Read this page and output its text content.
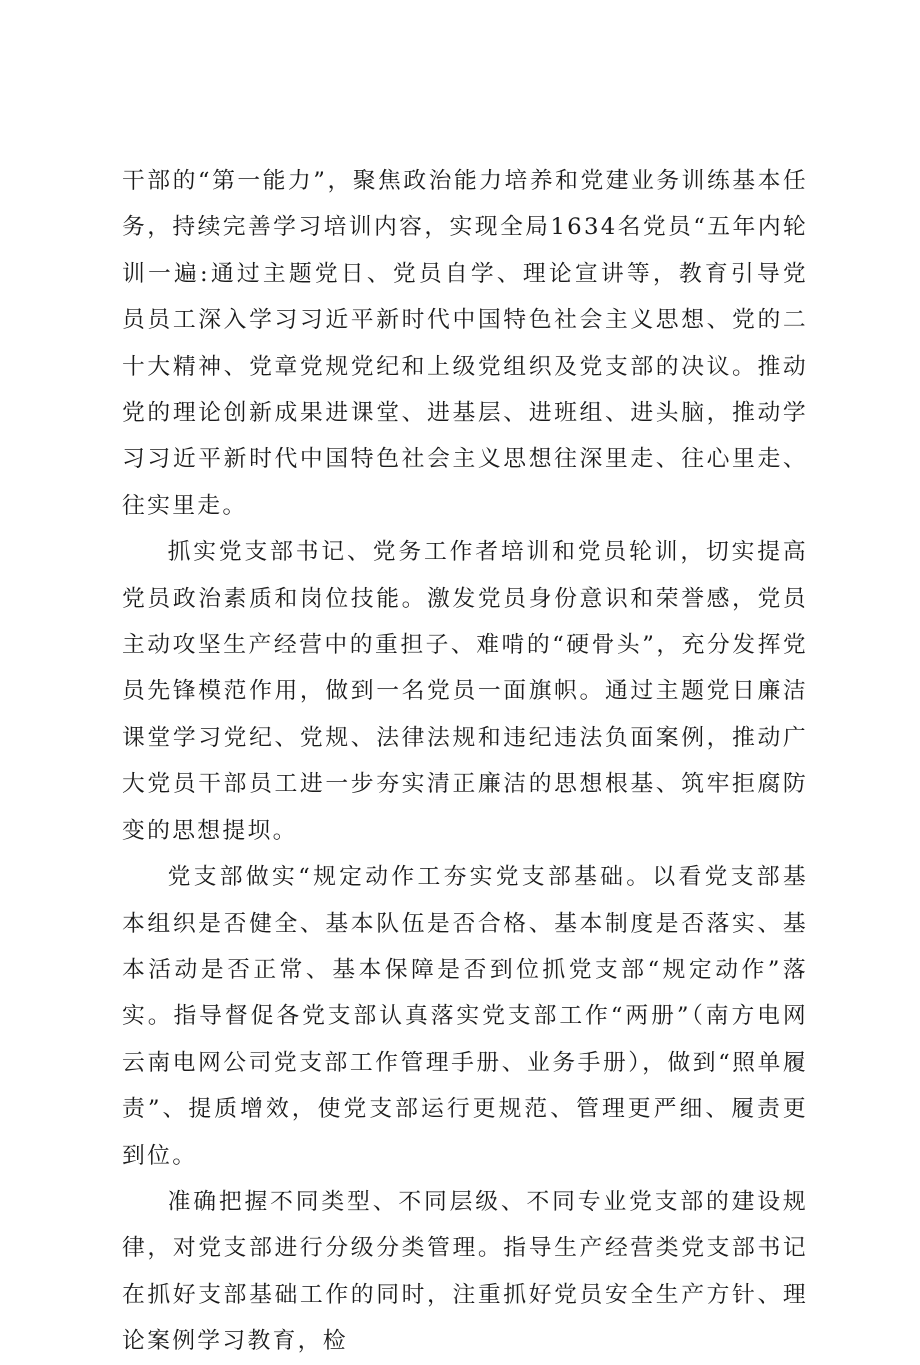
干部的“第一能力”，聚焦政治能力培养和党建业务训练基本任务，持续完善学习培训内容，实现全局1634名党员“五年内轮训一遍:通过主题党日、党员自学、理论宣讲等，教育引导党员员工深入学习习近平新时代中国特色社会主义思想、党的二十大精神、党章党规党纪和上级党组织及党支部的决议。推动党的理论创新成果进课堂、进基层、进班组、进头脑，推动学习习近平新时代中国特色社会主义思想往深里走、往心里走、往实里走。

抓实党支部书记、党务工作者培训和党员轮训，切实提高党员政治素质和岗位技能。激发党员身份意识和荣誉感，党员主动攻坚生产经营中的重担子、难啃的“硬骨头”，充分发挥党员先锋模范作用，做到一名党员一面旗帜。通过主题党日廉洁课堂学习党纪、党规、法律法规和违纪违法负面案例，推动广大党员干部员工进一步夯实清正廉洁的思想根基、筑牢拒腐防变的思想提坝。

党支部做实“规定动作工夯实党支部基础。以看党支部基本组织是否健全、基本队伍是否合格、基本制度是否落实、基本活动是否正常、基本保障是否到位抓党支部“规定动作”落实。指导督促各党支部认真落实党支部工作“两册”（南方电网云南电网公司党支部工作管理手册、业务手册），做到“照单履责”、提质增效，使党支部运行更规范、管理更严细、履责更到位。

准确把握不同类型、不同层级、不同专业党支部的建设规律，对党支部进行分级分类管理。指导生产经营类党支部书记在抓好支部基础工作的同时，注重抓好党员安全生产方针、理论案例学习教育，检
